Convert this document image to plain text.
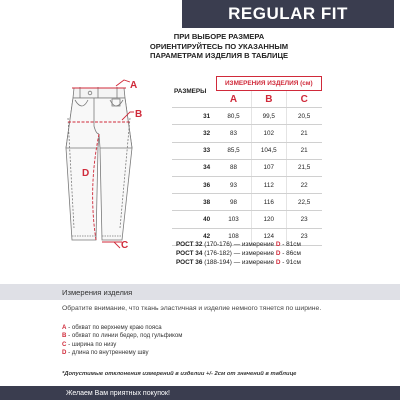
REGULAR FIT
ПРИ ВЫБОРЕ РАЗМЕРА
ОРИЕНТИРУЙТЕСЬ ПО УКАЗАННЫМ
ПАРАМЕТРАМ ИЗДЕЛИЯ В ТАБЛИЦЕ
A
B
D
C
РАЗМЕРЫ	ИЗМЕРЕНИЯ ИЗДЕЛИЯ (см)		
	A	B	C
31	80,5	99,5	20,5
32	83	102	21
33	85,5	104,5	21
34	88	107	21,5
36	93	112	22
38	98	116	22,5
40	103	120	23
42	108	124	23
РОСТ 32 (170-176) — измерение D - 81см
РОСТ 34 (176-182) — измерение D - 86см
РОСТ 36 (188-194) — измерение D - 91см
Измерения изделия
Обратите внимание, что ткань эластичная и изделие немного тянется по ширине.
A - обхват по верхнему краю пояса
B - обхват по линии бедер, под гульфиком
C - ширина по низу
D - длина по внутреннему шву
*Допустимые отклонения измерений в изделии +/- 2см от значений в таблице
Желаем Вам приятных покупок!
